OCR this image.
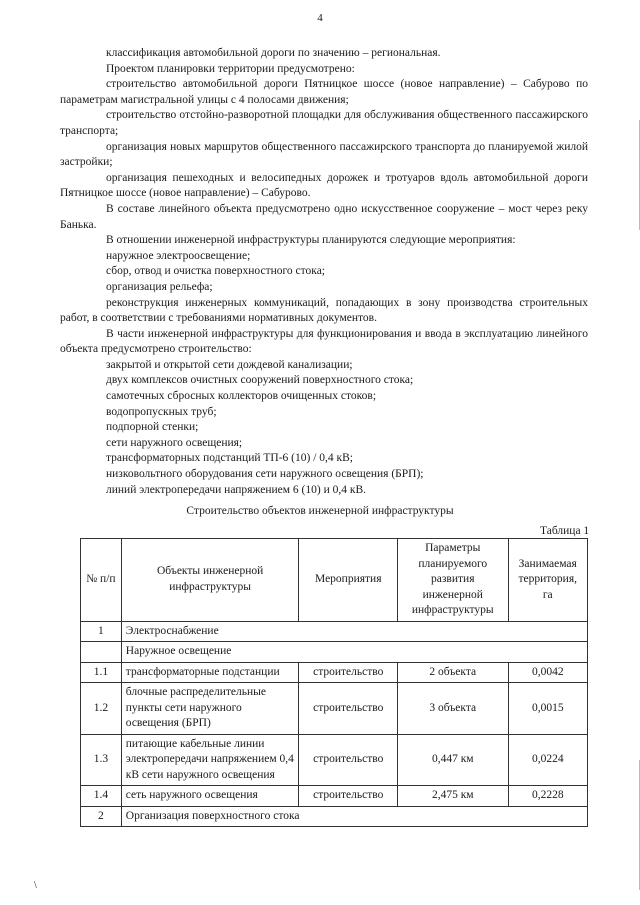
4

классификация автомобильной дороги по значению – региональная.

Проектом планировки территории предусмотрено:

строительство автомобильной дороги Пятницкое шоссе (новое направление) – Сабурово по параметрам магистральной улицы с 4 полосами движения;

строительство отстойно-разворотной площадки для обслуживания общественного пассажирского транспорта;

организация новых маршрутов общественного пассажирского транспорта до планируемой жилой застройки;

организация пешеходных и велосипедных дорожек и тротуаров вдоль автомобильной дороги Пятницкое шоссе (новое направление) – Сабурово.

В составе линейного объекта предусмотрено одно искусственное сооружение – мост через реку Банька.

В отношении инженерной инфраструктуры планируются следующие мероприятия:

наружное электроосвещение;

сбор, отвод и очистка поверхностного стока;

организация рельефа;

реконструкция инженерных коммуникаций, попадающих в зону производства строительных работ, в соответствии с требованиями нормативных документов.

В части инженерной инфраструктуры для функционирования и ввода в эксплуатацию линейного объекта предусмотрено строительство:

закрытой и открытой сети дождевой канализации;

двух комплексов очистных сооружений поверхностного стока;

самотечных сбросных коллекторов очищенных стоков;

водопропускных труб;

подпорной стенки;

сети наружного освещения;

трансформаторных подстанций ТП-6 (10) / 0,4 кВ;

низковольтного оборудования сети наружного освещения (БРП);

линий электропередачи напряжением 6 (10) и 0,4 кВ.

Строительство объектов инженерной инфраструктуры
Таблица 1
№ п/п	Объекты инженерной инфраструктуры	Мероприятия	Параметры планируемого развития инженерной инфраструктуры	Занимаемая территория, га
1	Электроснабжение			
	Наружное освещение			
1.1	трансформаторные подстанции	строительство	2 объекта	0,0042
1.2	блочные распределительные пункты сети наружного освещения (БРП)	строительство	3 объекта	0,0015
1.3	питающие кабельные линии электропередачи напряжением 0,4 кВ сети наружного освещения	строительство	0,447 км	0,0224
1.4	сеть наружного освещения	строительство	2,475 км	0,2228
2	Организация поверхностного стока			
\
